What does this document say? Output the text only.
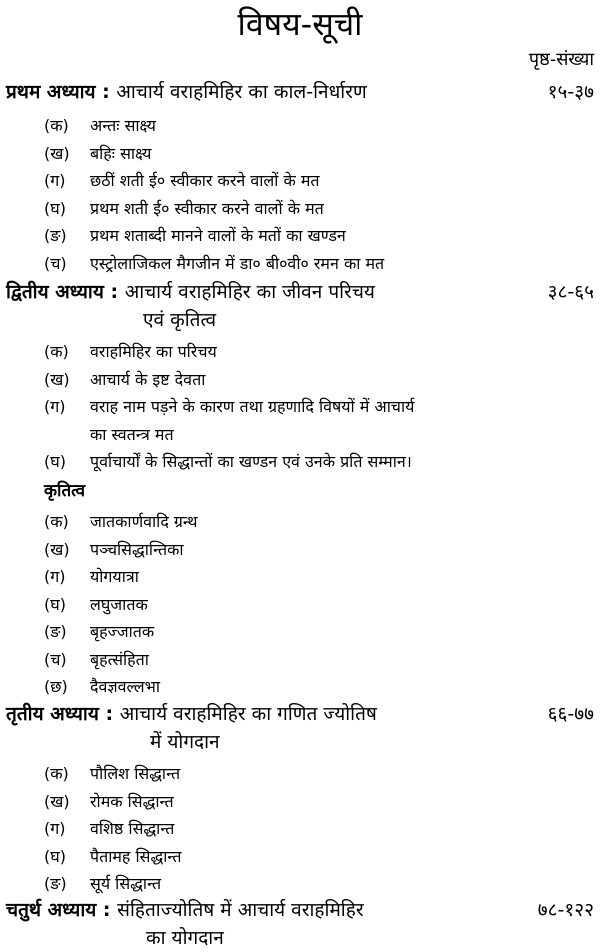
विषय-सूची
पृष्ठ-संख्या
प्रथम अध्याय : आचार्य वराहमिहिर का काल-निर्धारण	१५-३७
(क) अन्तः साक्ष्य
(ख) बहिः साक्ष्य
(ग) छठीं शती ई० स्वीकार करने वालों के मत
(घ) प्रथम शती ई० स्वीकार करने वालों के मत
(ङ) प्रथम शताब्दी मानने वालों के मतों का खण्डन
(च) एस्ट्रोलाजिकल मैगजीन में डा० बी०वी० रमन का मत
द्वितीय अध्याय : आचार्य वराहमिहिर का जीवन परिचय	३८-६५
एवं कृतित्व
(क) वराहमिहिर का परिचय
(ख) आचार्य के इष्ट देवता
(ग) वराह नाम पड़ने के कारण तथा ग्रहणादि विषयों में आचार्य
का स्वतन्त्र मत
(घ) पूर्वाचार्यों के सिद्धान्तों का खण्डन एवं उनके प्रति सम्मान।
कृतित्व
(क) जातकार्णवादि ग्रन्थ
(ख) पञ्चसिद्धान्तिका
(ग) योगयात्रा
(घ) लघुजातक
(ङ) बृहज्जातक
(च) बृहत्संहिता
(छ) दैवज्ञवल्लभा
तृतीय अध्याय : आचार्य वराहमिहिर का गणित ज्योतिष	६६-७७
में योगदान
(क) पौलिश सिद्धान्त
(ख) रोमक सिद्धान्त
(ग) वशिष्ठ सिद्धान्त
(घ) पैतामह सिद्धान्त
(ङ) सूर्य सिद्धान्त
चतुर्थ अध्याय : संहिताज्योतिष में आचार्य वराहमिहिर	७८-१२२
का योगदान
